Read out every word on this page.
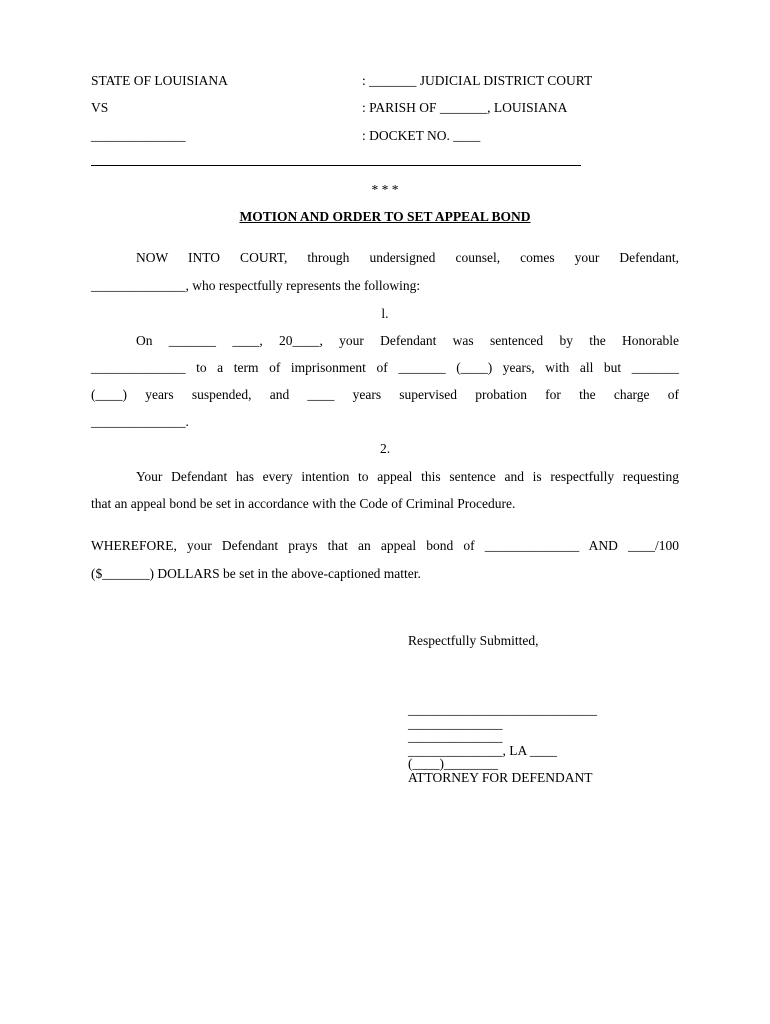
STATE OF LOUISIANA	: _______ JUDICIAL DISTRICT COURT
VS	: PARISH OF _______, LOUISIANA
______________	: DOCKET NO. ____
* * *
MOTION AND ORDER TO SET APPEAL BOND
NOW INTO COURT, through undersigned counsel, comes your Defendant,
______________, who respectfully represents the following:
l.
On _______ ____, 20____, your Defendant was sentenced by the Honorable
______________ to a term of imprisonment of _______ (____) years, with all but _______
(____) years suspended, and ____ years supervised probation for the charge of
______________.
2.
Your Defendant has every intention to appeal this sentence and is respectfully requesting
that an appeal bond be set in accordance with the Code of Criminal Procedure.
WHEREFORE, your Defendant prays that an appeal bond of ______________ AND ____/100
($_______) DOLLARS be set in the above-captioned matter.
Respectfully Submitted,
____________________________
______________
______________
______________, LA ____
(____)________
ATTORNEY FOR DEFENDANT
